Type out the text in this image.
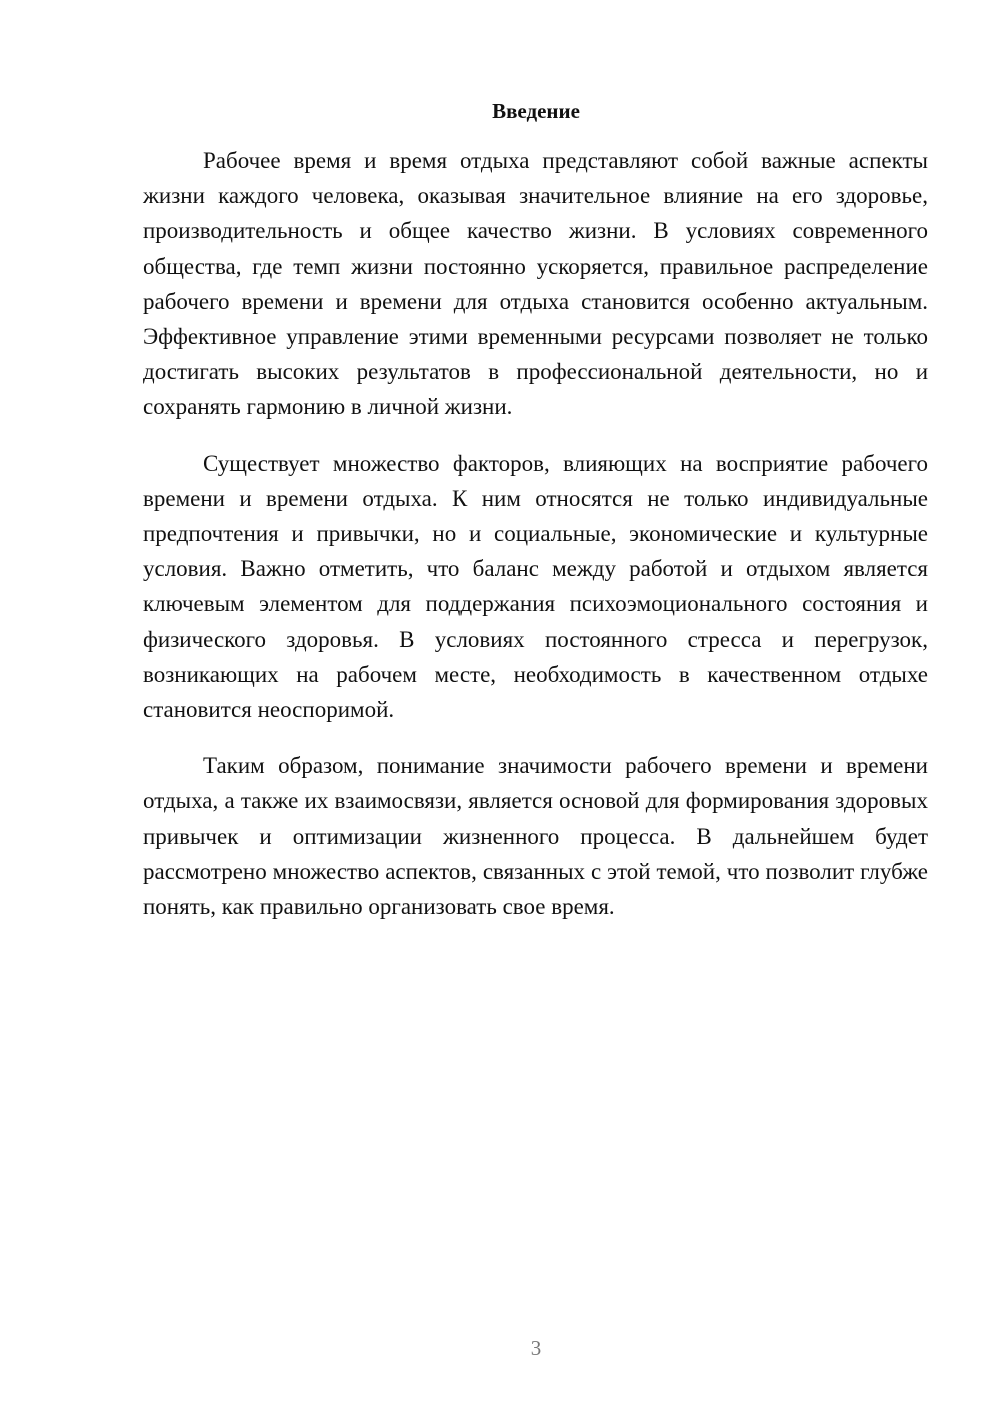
Введение

Рабочее время и время отдыха представляют собой важные аспекты жизни каждого человека, оказывая значительное влияние на его здоровье, производительность и общее качество жизни. В условиях современного общества, где темп жизни постоянно ускоряется, правильное распределение рабочего времени и времени для отдыха становится особенно актуальным. Эффективное управление этими временными ресурсами позволяет не только достигать высоких результатов в профессиональной деятельности, но и сохранять гармонию в личной жизни.

Существует множество факторов, влияющих на восприятие рабочего времени и времени отдыха. К ним относятся не только индивидуальные предпочтения и привычки, но и социальные, экономические и культурные условия. Важно отметить, что баланс между работой и отдыхом является ключевым элементом для поддержания психоэмоционального состояния и физического здоровья. В условиях постоянного стресса и перегрузок, возникающих на рабочем месте, необходимость в качественном отдыхе становится неоспоримой.

Таким образом, понимание значимости рабочего времени и времени отдыха, а также их взаимосвязи, является основой для формирования здоровых привычек и оптимизации жизненного процесса. В дальнейшем будет рассмотрено множество аспектов, связанных с этой темой, что позволит глубже понять, как правильно организовать свое время.

3
